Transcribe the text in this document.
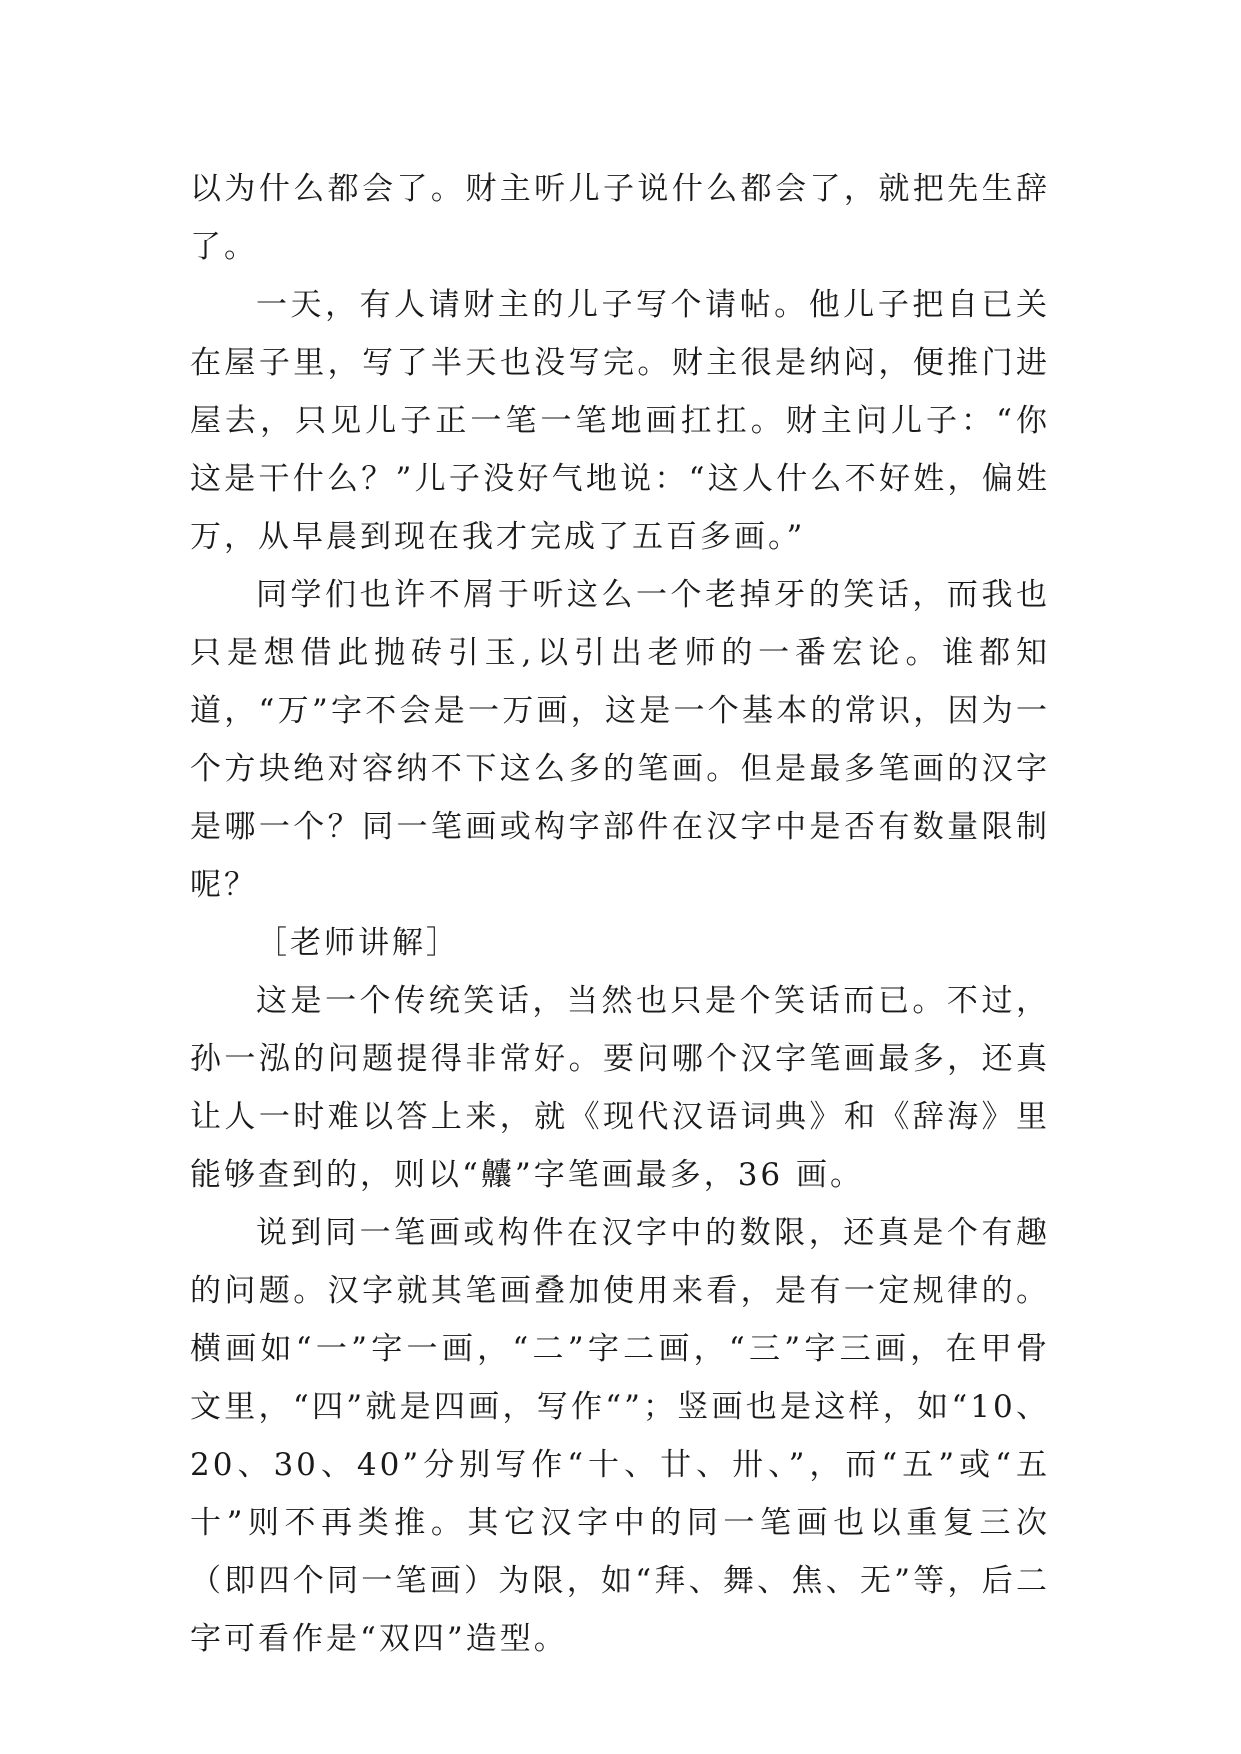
以为什么都会了。财主听儿子说什么都会了，就把先生辞了。

一天，有人请财主的儿子写个请帖。他儿子把自已关在屋子里，写了半天也没写完。财主很是纳闷，便推门进屋去，只见儿子正一笔一笔地画扛扛。财主问儿子：“你这是干什么？”儿子没好气地说：“这人什么不好姓，偏姓万，从早晨到现在我才完成了五百多画。”

同学们也许不屑于听这么一个老掉牙的笑话，而我也只是想借此抛砖引玉,以引出老师的一番宏论。谁都知道，“万”字不会是一万画，这是一个基本的常识，因为一个方块绝对容纳不下这么多的笔画。但是最多笔画的汉字是哪一个？同一笔画或构字部件在汉字中是否有数量限制呢？

［老师讲解］

这是一个传统笑话，当然也只是个笑话而已。不过，孙一泓的问题提得非常好。要问哪个汉字笔画最多，还真让人一时难以答上来，就《现代汉语词典》和《辞海》里能够查到的，则以“齉”字笔画最多，36 画。

说到同一笔画或构件在汉字中的数限，还真是个有趣的问题。汉字就其笔画叠加使用来看，是有一定规律的。横画如“一”字一画，“二”字二画，“三”字三画，在甲骨文里，“四”就是四画，写作“”；竖画也是这样，如“10、20、30、40”分别写作“十、廿、卅、”，而“五”或“五十”则不再类推。其它汉字中的同一笔画也以重复三次（即四个同一笔画）为限，如“拜、舞、焦、无”等，后二字可看作是“双四”造型。
